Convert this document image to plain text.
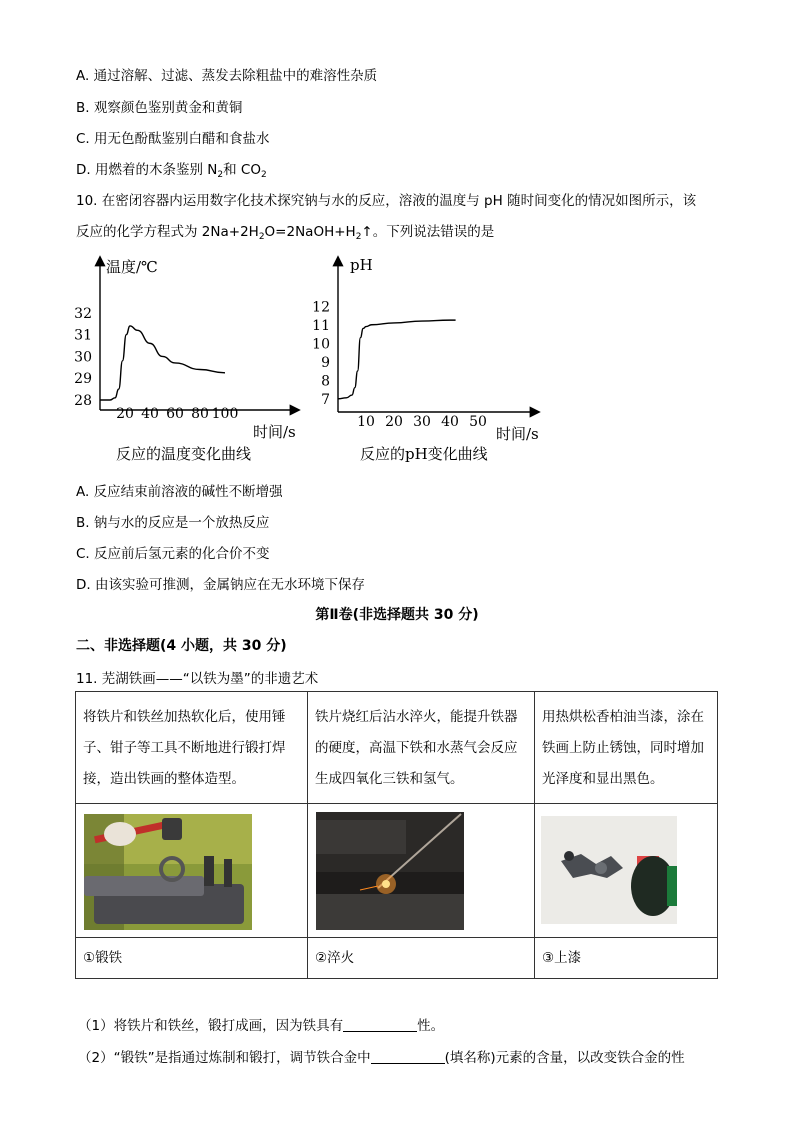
A. 通过溶解、过滤、蒸发去除粗盐中的难溶性杂质
B. 观察颜色鉴别黄金和黄铜
C. 用无色酚酞鉴别白醋和食盐水
D. 用燃着的木条鉴别 $N_2$和 $CO_2$
10. 在密闭容器内运用数字化技术探究钠与水的反应，溶液的温度与 pH 随时间变化的情况如图所示，该
反应的化学方程式为 $2Na+2H_2O=2NaOH+H_2↑$。下列说法错误的是
温度/℃
时间/s
反应的温度变化曲线
20 40 60 80 100
28
29
30
31
32
pH
时间/s
反应的pH变化曲线
10 20 30 40 50
7
8
9
10
11
12
A. 反应结束前溶液的碱性不断增强
B. 钠与水的反应是一个放热反应
C. 反应前后氢元素的化合价不变
D. 由该实验可推测，金属钠应在无水环境下保存
第Ⅱ卷(非选择题共 30 分)
二、非选择题(4 小题，共 30 分)
11. 芜湖铁画——“以铁为墨”的非遗艺术
将铁片和铁丝加热软化后，使用锤子、钳子等工具不断地进行锻打焊接，造出铁画的整体造型。	铁片烧红后沾水淬火，能提升铁器的硬度，高温下铁和水蒸气会反应生成四氧化三铁和氢气。	用热烘松香柏油当漆，涂在铁画上防止锈蚀，同时增加光泽度和显出黑色。

①锻铁	②淬火	③上漆
（1）将铁片和铁丝，锻打成画，因为铁具有	性。
（2）“锻铁”是指通过炼制和锻打，调节铁合金中	(填名称)元素的含量，以改变铁合金的性
